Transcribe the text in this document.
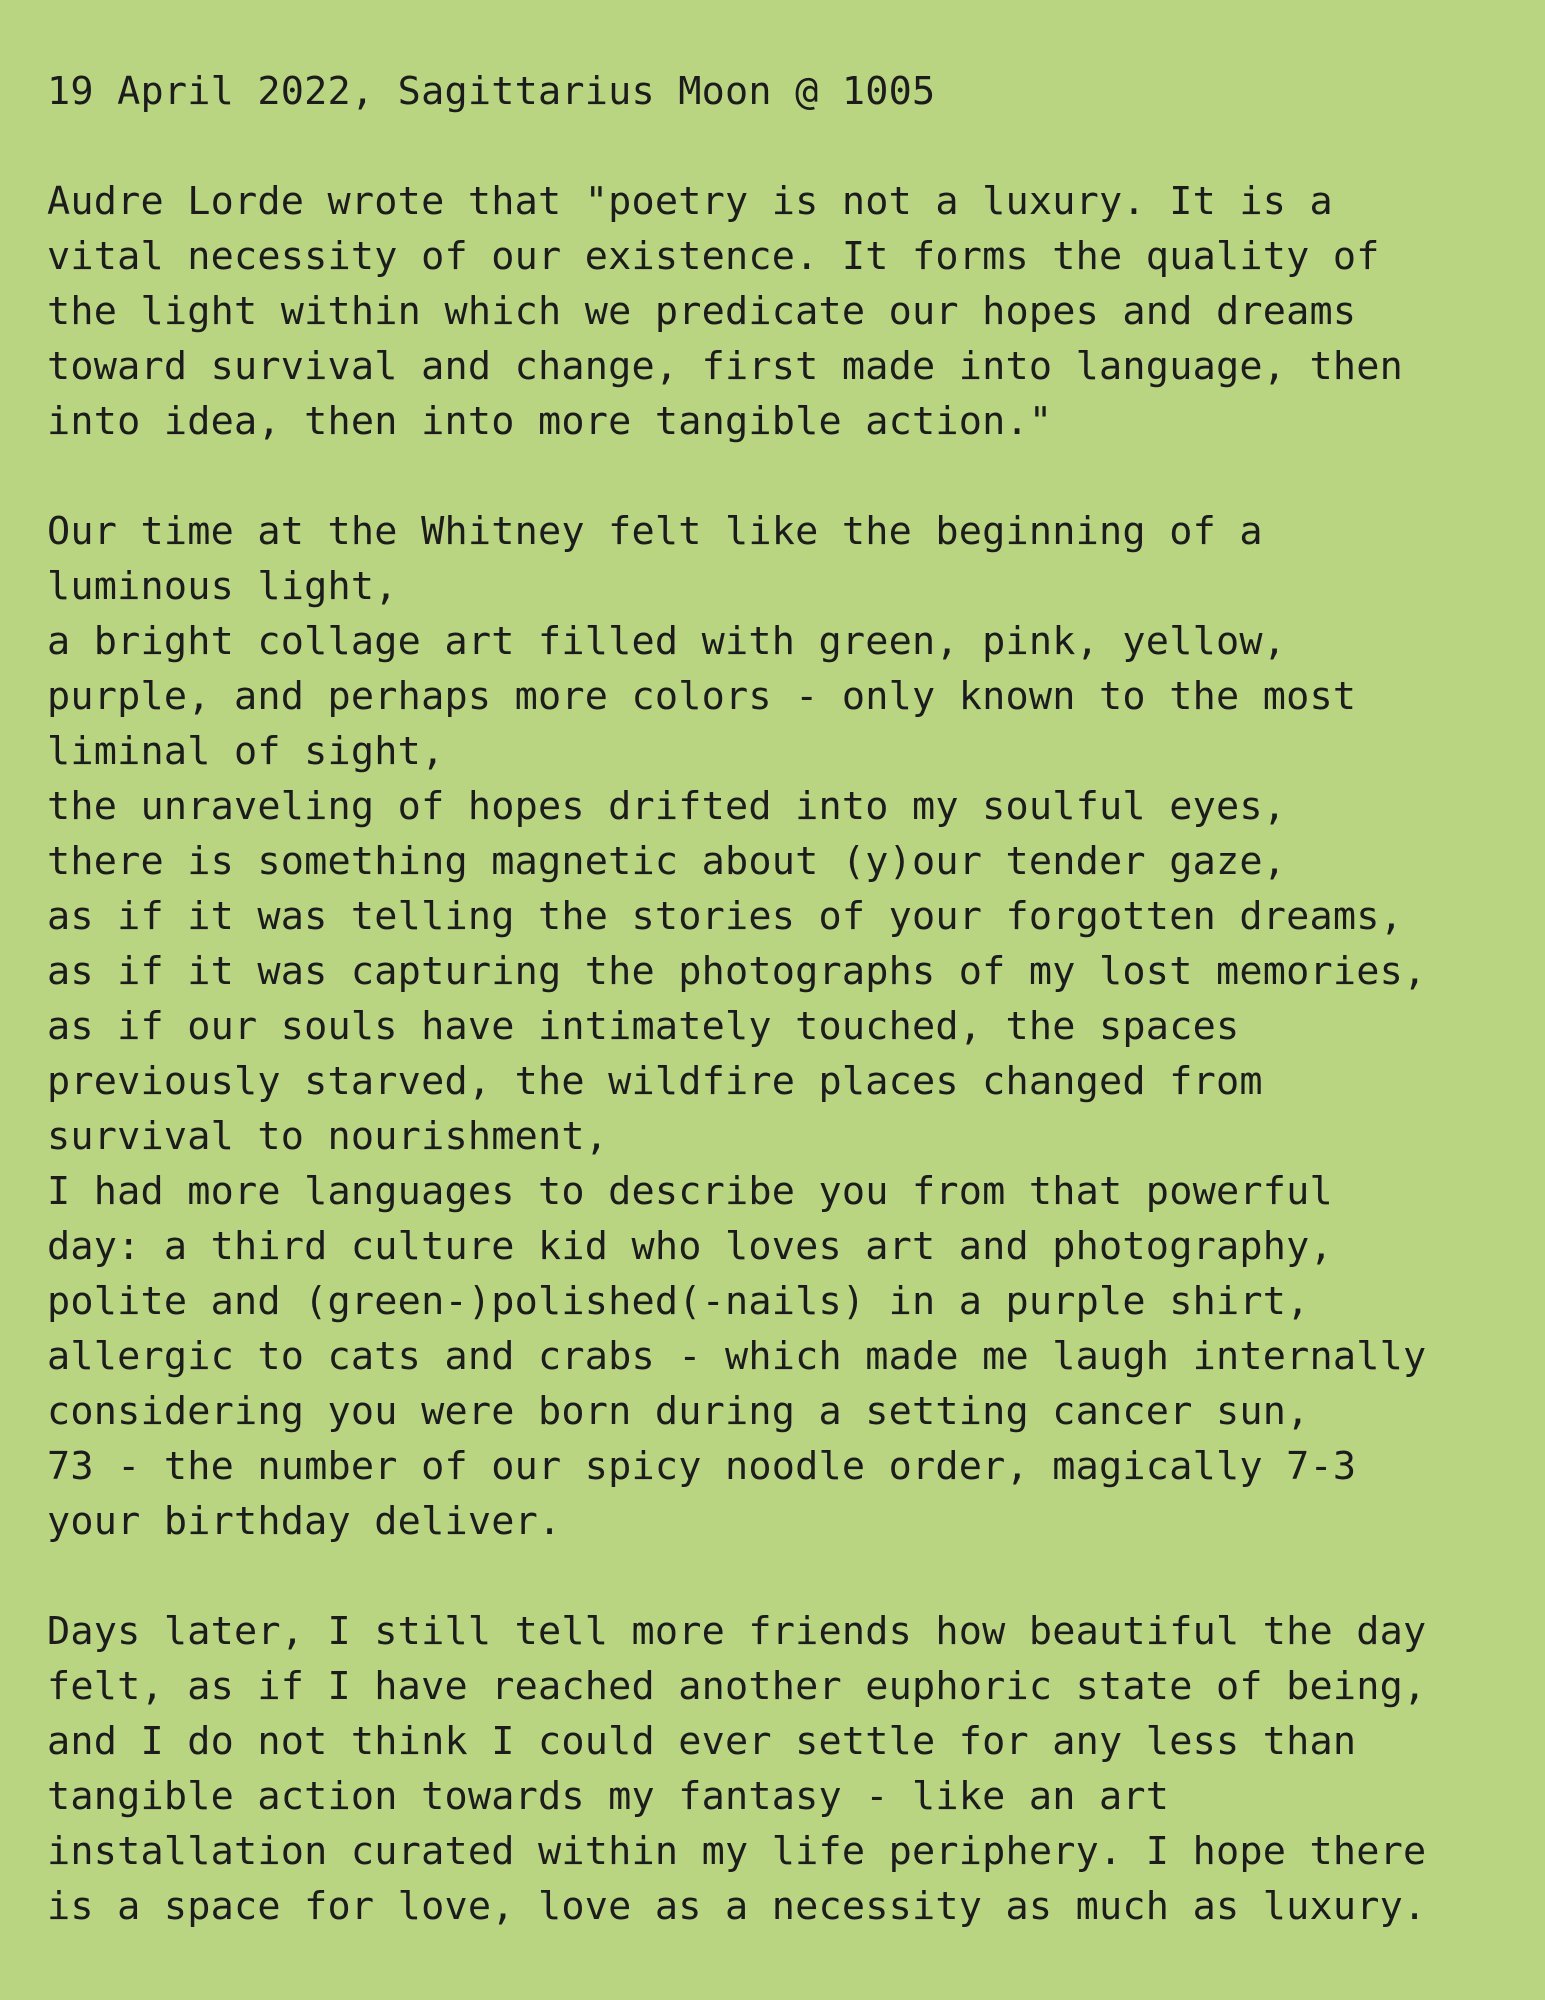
19 April 2022, Sagittarius Moon @ 1005
Audre Lorde wrote that "poetry is not a luxury. It is a
vital necessity of our existence. It forms the quality of
the light within which we predicate our hopes and dreams
toward survival and change, first made into language, then
into idea, then into more tangible action."
Our time at the Whitney felt like the beginning of a
luminous light,
a bright collage art filled with green, pink, yellow,
purple, and perhaps more colors - only known to the most
liminal of sight,
the unraveling of hopes drifted into my soulful eyes,
there is something magnetic about (y)our tender gaze,
as if it was telling the stories of your forgotten dreams,
as if it was capturing the photographs of my lost memories,
as if our souls have intimately touched, the spaces
previously starved, the wildfire places changed from
survival to nourishment,
I had more languages to describe you from that powerful
day: a third culture kid who loves art and photography,
polite and (green-)polished(-nails) in a purple shirt,
allergic to cats and crabs - which made me laugh internally
considering you were born during a setting cancer sun,
73 - the number of our spicy noodle order, magically 7-3
your birthday deliver.
Days later, I still tell more friends how beautiful the day
felt, as if I have reached another euphoric state of being,
and I do not think I could ever settle for any less than
tangible action towards my fantasy - like an art
installation curated within my life periphery. I hope there
is a space for love, love as a necessity as much as luxury.
